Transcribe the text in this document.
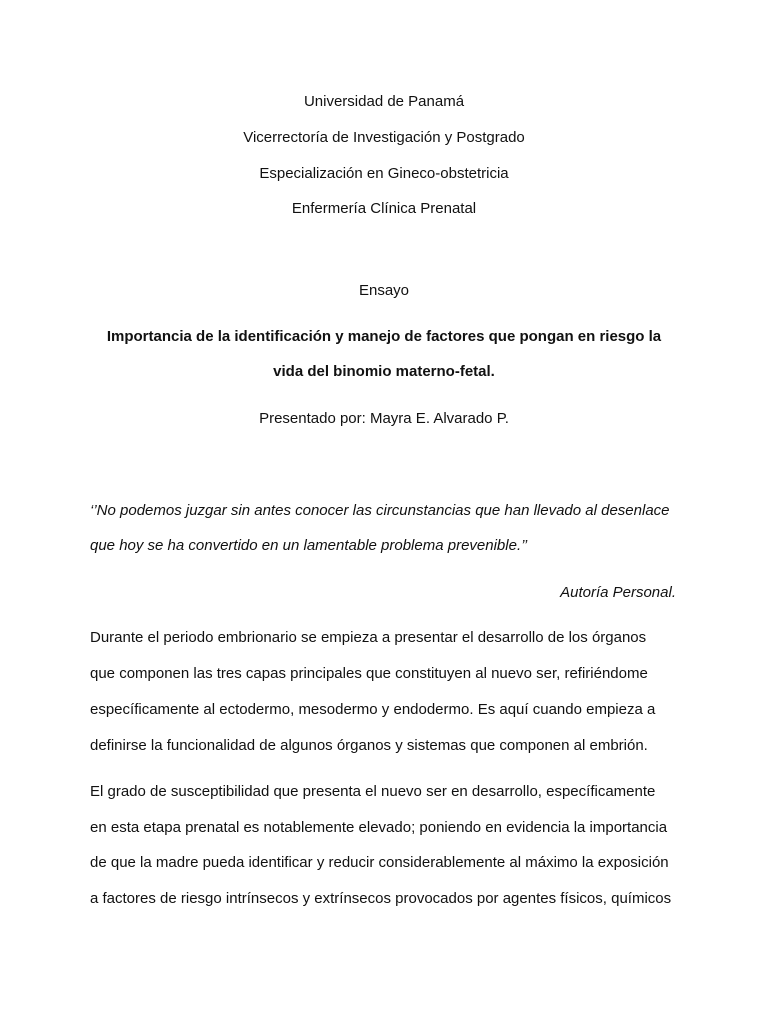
Universidad de Panamá
Vicerrectoría de Investigación y Postgrado
Especialización en Gineco-obstetricia
Enfermería Clínica Prenatal
Ensayo
Importancia de la identificación y manejo de factores que pongan en riesgo la
vida del binomio materno-fetal.
Presentado por: Mayra E. Alvarado P.
‘’No podemos juzgar sin antes conocer las circunstancias que han llevado al desenlace
que hoy se ha convertido en un lamentable problema prevenible.’’
Autoría Personal.
Durante el periodo embrionario se empieza a presentar el desarrollo de los órganos
que componen las tres capas principales que constituyen al nuevo ser, refiriéndome
específicamente al ectodermo, mesodermo y endodermo. Es aquí cuando empieza a
definirse la funcionalidad de algunos órganos y sistemas que componen al embrión.
El grado de susceptibilidad que presenta el nuevo ser en desarrollo, específicamente
en esta etapa prenatal es notablemente elevado; poniendo en evidencia la importancia
de que la madre pueda identificar y reducir considerablemente al máximo la exposición
a factores de riesgo intrínsecos y extrínsecos provocados por agentes físicos, químicos
